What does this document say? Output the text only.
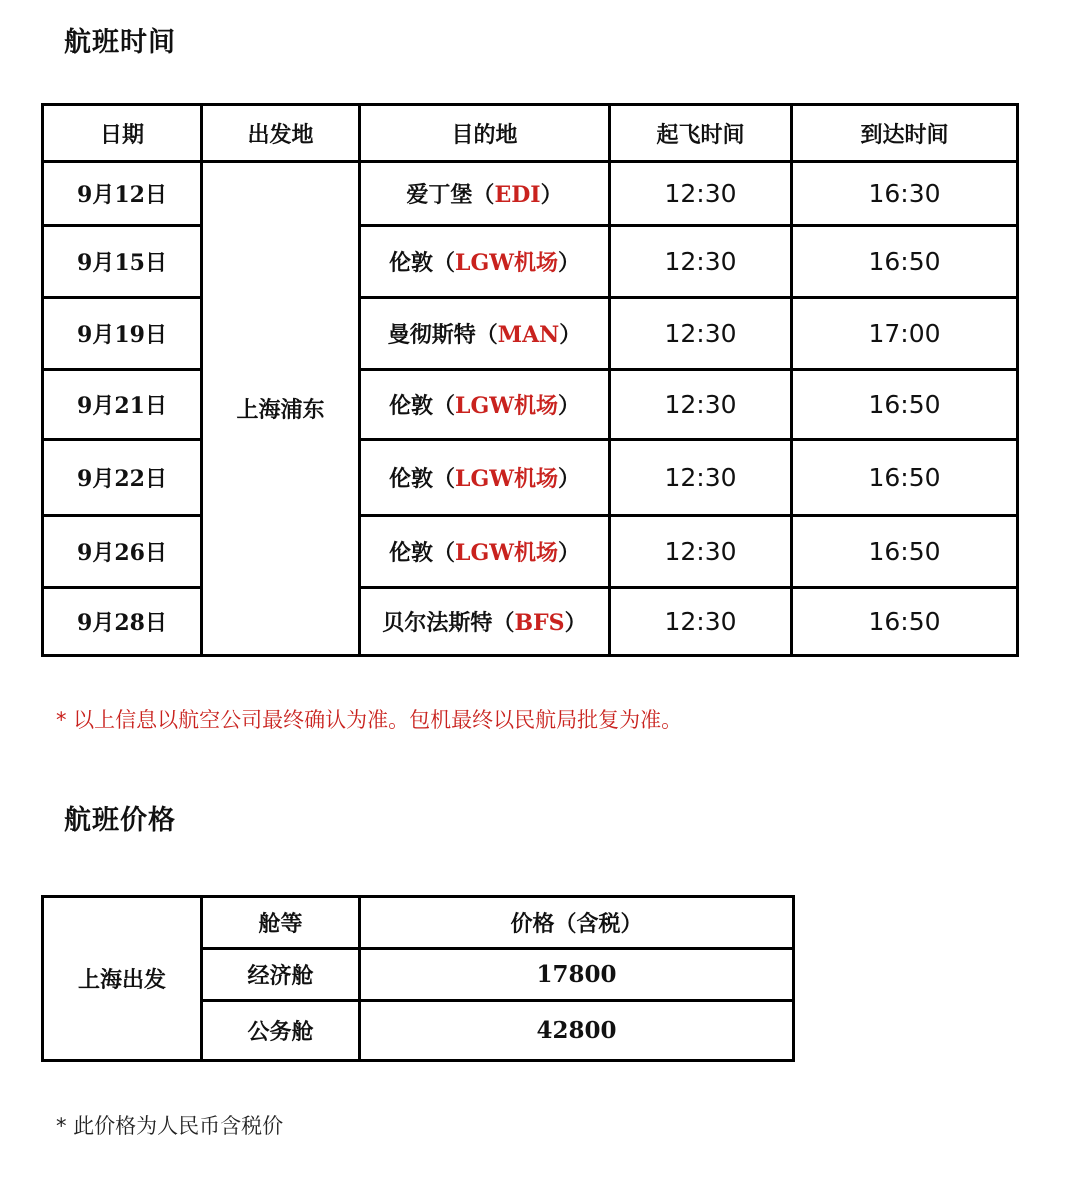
航班时间
日期	出发地	目的地	起飞时间	到达时间
9月12日	上海浦东	爱丁堡（EDI）	12:30	16:30
9月15日		伦敦（LGW机场）	12:30	16:50
9月19日		曼彻斯特（MAN）	12:30	17:00
9月21日		伦敦（LGW机场）	12:30	16:50
9月22日		伦敦（LGW机场）	12:30	16:50
9月26日		伦敦（LGW机场）	12:30	16:50
9月28日		贝尔法斯特（BFS）	12:30	16:50

* 以上信息以航空公司最终确认为准。包机最终以民航局批复为准。

航班价格
上海出发	舱等	价格（含税）
	经济舱	17800
	公务舱	42800

* 此价格为人民币含税价
